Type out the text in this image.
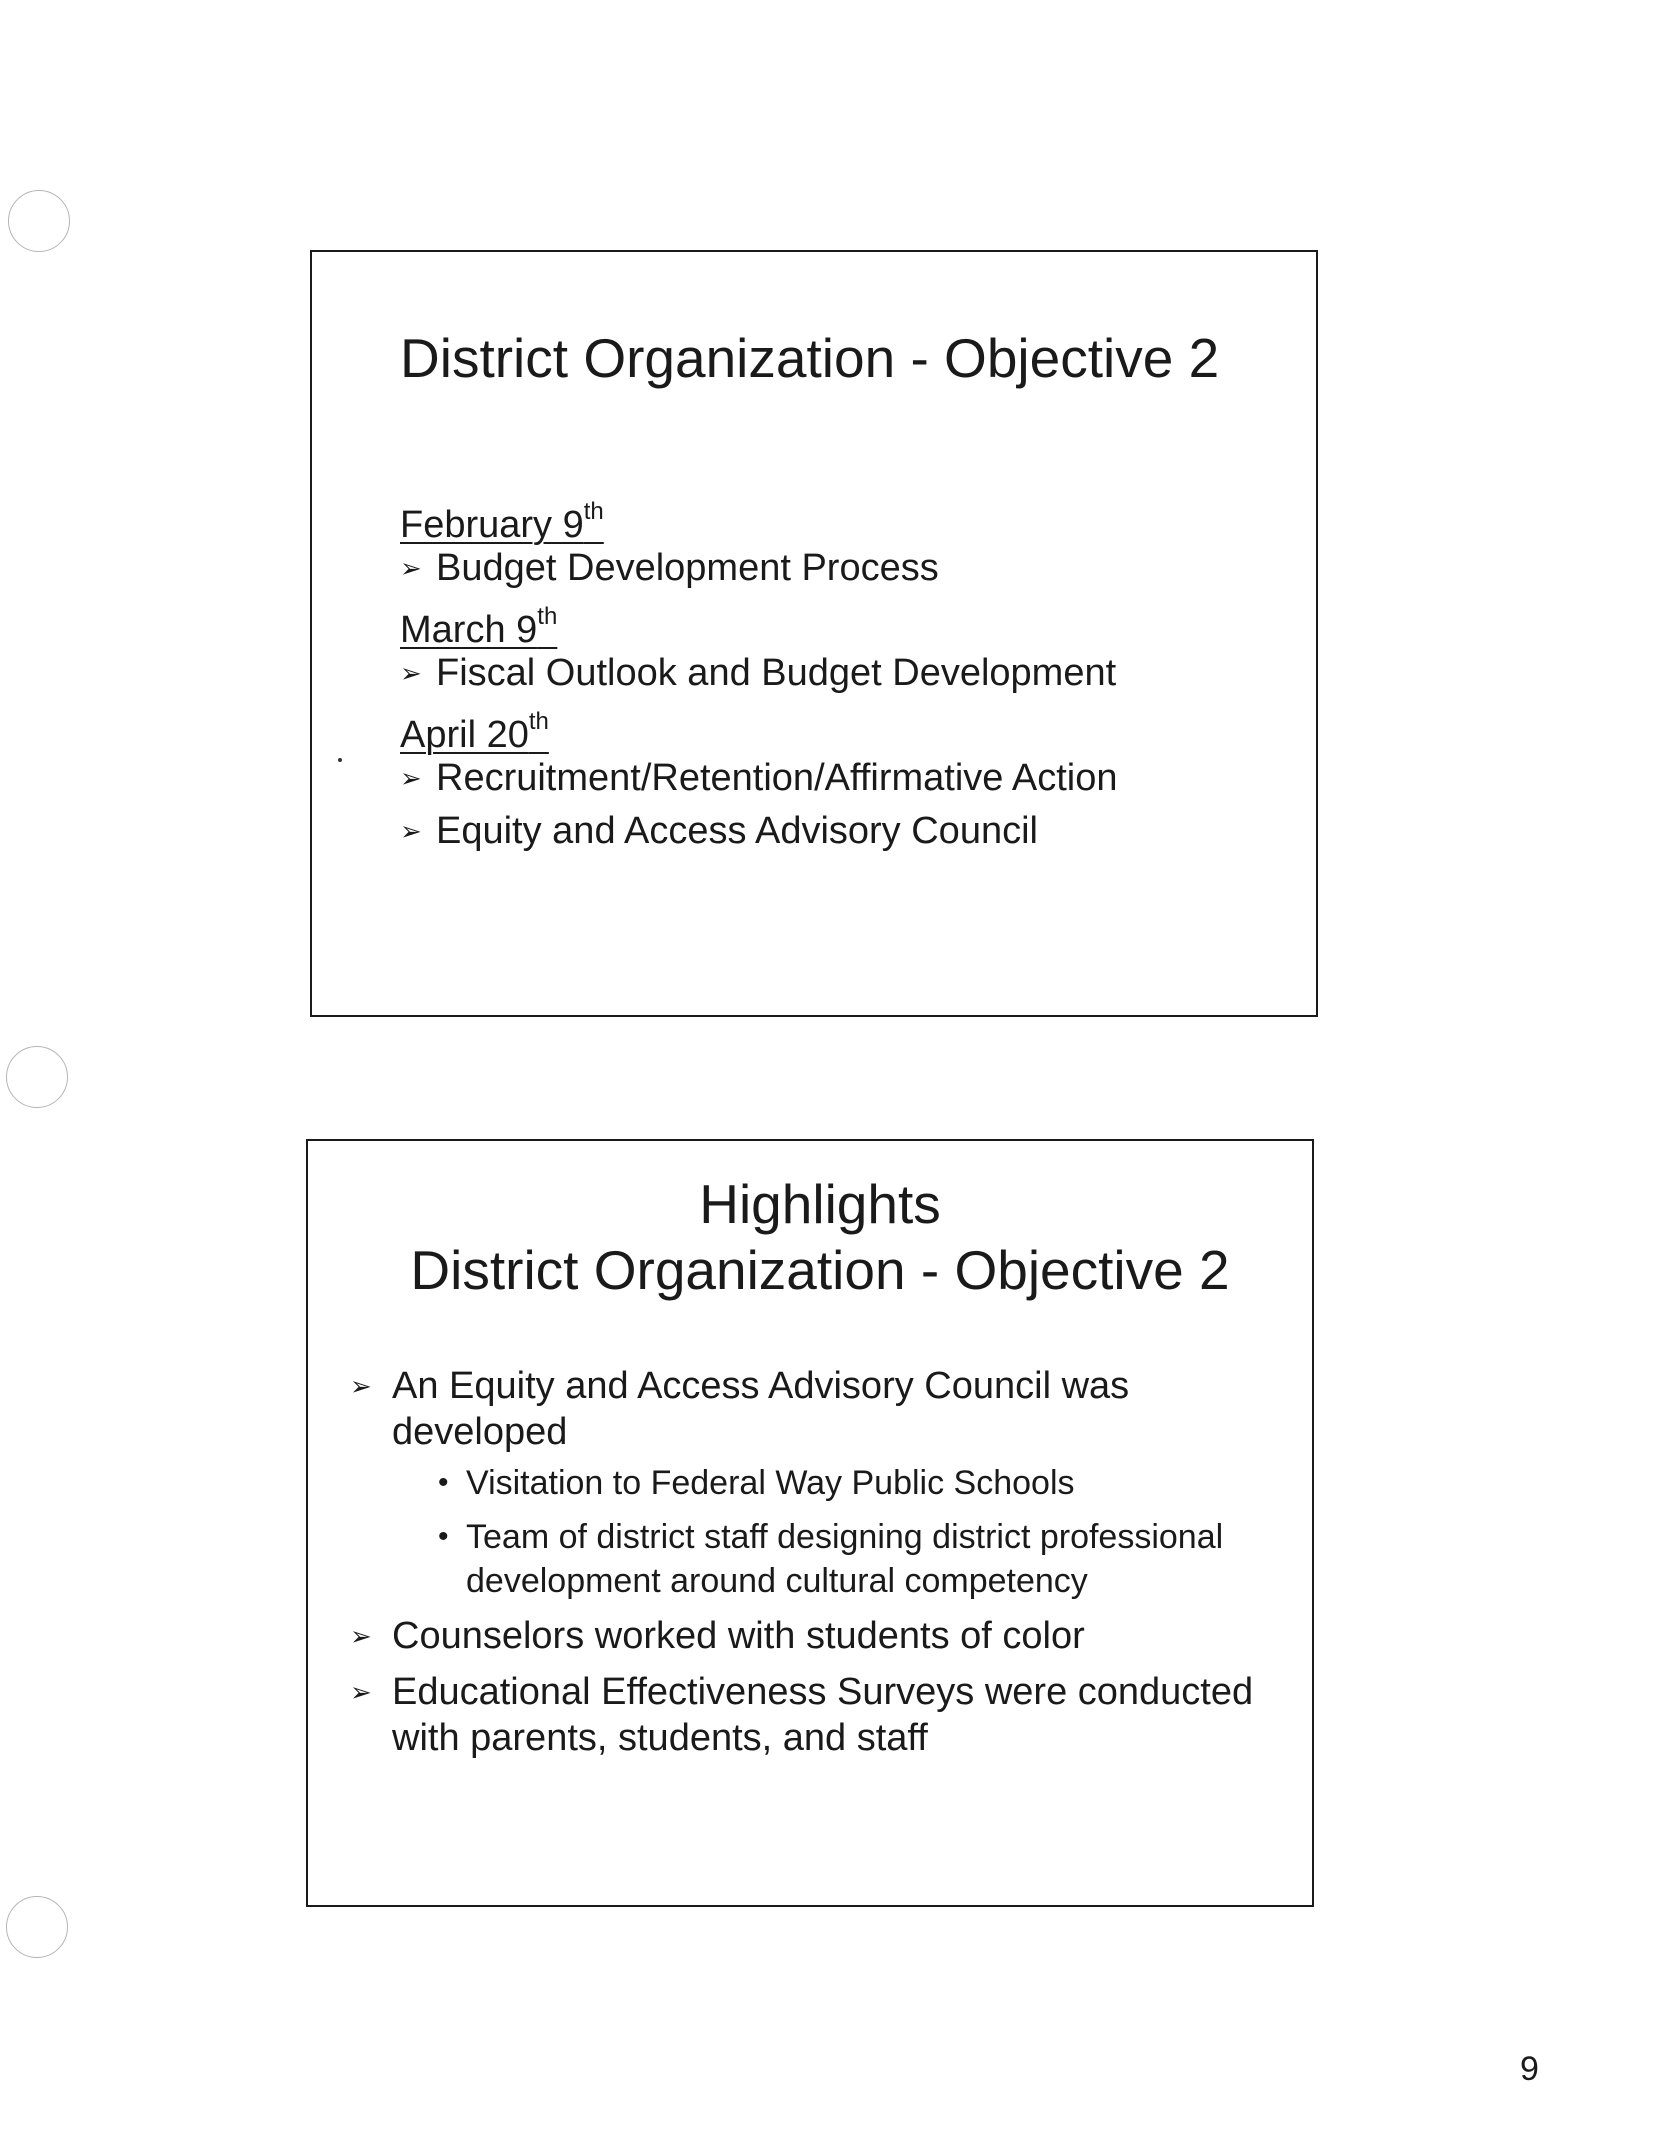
District Organization - Objective 2
February 9th
➢ Budget Development Process
March 9th
➢ Fiscal Outlook and Budget Development
April 20th
➢ Recruitment/Retention/Affirmative Action
➢ Equity and Access Advisory Council
Highlights
District Organization - Objective 2
➢ An Equity and Access Advisory Council was developed
• Visitation to Federal Way Public Schools
• Team of district staff designing district professional development around cultural competency
➢ Counselors worked with students of color
➢ Educational Effectiveness Surveys were conducted with parents, students, and staff
9
